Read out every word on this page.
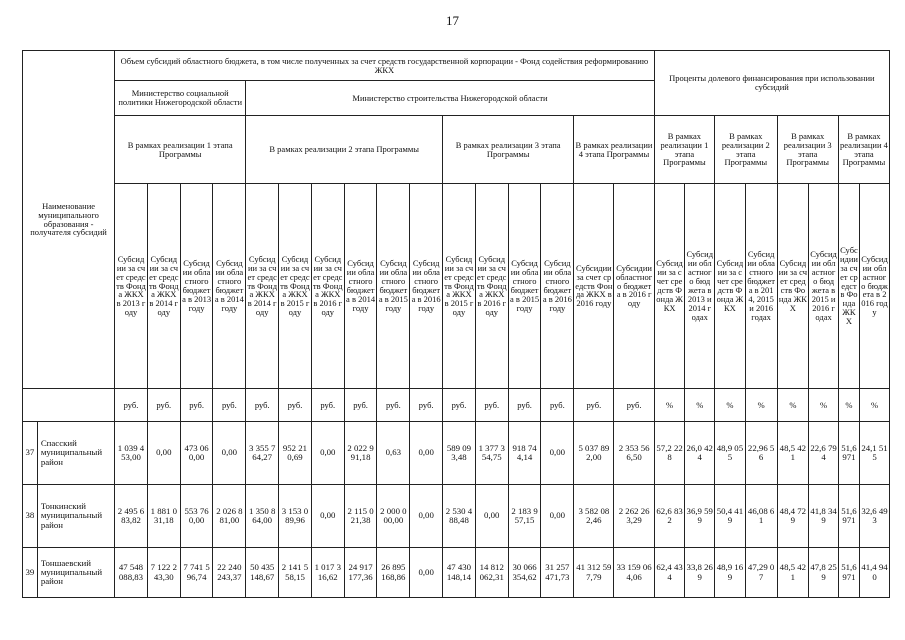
17
Наименование муниципального образования - получателя субсидий		Объем субсидий областного бюджета, в том числе полученных за счет средств государственной корпорации - Фонд содействия реформированию ЖКХ																Проценты долевого финансирования при использовании субсидий							
		Министерство социальной политики Нижегородской области				Министерство строительства Нижегородской области																			
		В рамках реализации 1 этапа Программы				В рамках реализации 2 этапа Программы						В рамках реализации 3 этапа Программы				В рамках реализации 4 этапа Программы		В рамках реализации 1 этапа Программы		В рамках реализации 2 этапа Программы		В рамках реализации 3 этапа Программы		В рамках реализации 4 этапа Программы	
		Субсидии за счет средств Фонда ЖКХ в 2013 году	Субсидии за счет средств Фонда ЖКХ в 2014 году	Субсидии областного бюджета в 2013 году	Субсидии областного бюджета в 2014 году	Субсидии за счет средств Фонда ЖКХ в 2014 году	Субсидии за счет средств Фонда ЖКХ в 2015 году	Субсидии за счет средств Фонда ЖКХ в 2016 году	Субсидии областного бюджета в 2014 году	Субсидии областного бюджета в 2015 году	Субсидии областного бюджета в 2016 году	Субсидии за счет средств Фонда ЖКХ в 2015 году	Субсидии за счет средств Фонда ЖКХ в 2016 году	Субсидии областного бюджета в 2015 году	Субсидии областного бюджета в 2016 году	Субсидии за счет средств Фонда ЖКХ в 2016 году	Субсидии областного бюджета в 2016 году	Субсидии за счет средств Фонда ЖКХ	Субсидии областного бюджета в 2013 и 2014 годах	Субсидии за счет средств Фонда ЖКХ	Субсидии областного бюджета в 2014, 2015 и 2016 годах	Субсидии за счет средств Фонда ЖКХ	Субсидии областного бюджета в 2015 и 2016 годах	Субсидии за счет средств Фонда ЖКХ	Субсидии областного бюджета в 2016 году
		руб.	руб.	руб.	руб.	руб.	руб.	руб.	руб.	руб.	руб.	руб.	руб.	руб.	руб.	руб.	руб.	%	%	%	%	%	%	%	%
37	Спасский муниципальный район	1 039 453,00	0,00	473 060,00	0,00	3 355 764,27	952 210,69	0,00	2 022 991,18	0,63	0,00	589 093,48	1 377 354,75	918 744,14	0,00	5 037 892,00	2 353 566,50	57,2 228	26,0 424	48,9 055	22,96 56	48,5 421	22,6 794	51,6 971	24,1 515
38	Тонкинский муниципальный район	2 495 683,82	1 881 031,18	553 760,00	2 026 881,00	1 350 864,00	3 153 089,96	0,00	2 115 021,38	2 000 000,00	0,00	2 530 488,48	0,00	2 183 957,15	0,00	3 582 082,46	2 262 263,29	62,6 832	36,9 599	50,4 419	46,08 61	48,4 729	41,8 349	51,6 971	32,6 493
39	Тоншаевский муниципальный район	47 548 088,83	7 122 243,30	7 741 596,74	22 240 243,37	50 435 148,67	2 141 558,15	1 017 316,62	24 917 177,36	26 895 168,86	0,00	47 430 148,14	14 812 062,31	30 066 354,62	31 257 471,73	41 312 597,79	33 159 064,06	62,4 434	33,8 269	48,9 169	47,29 07	48,5 421	47,8 259	51,6 971	41,4 940
